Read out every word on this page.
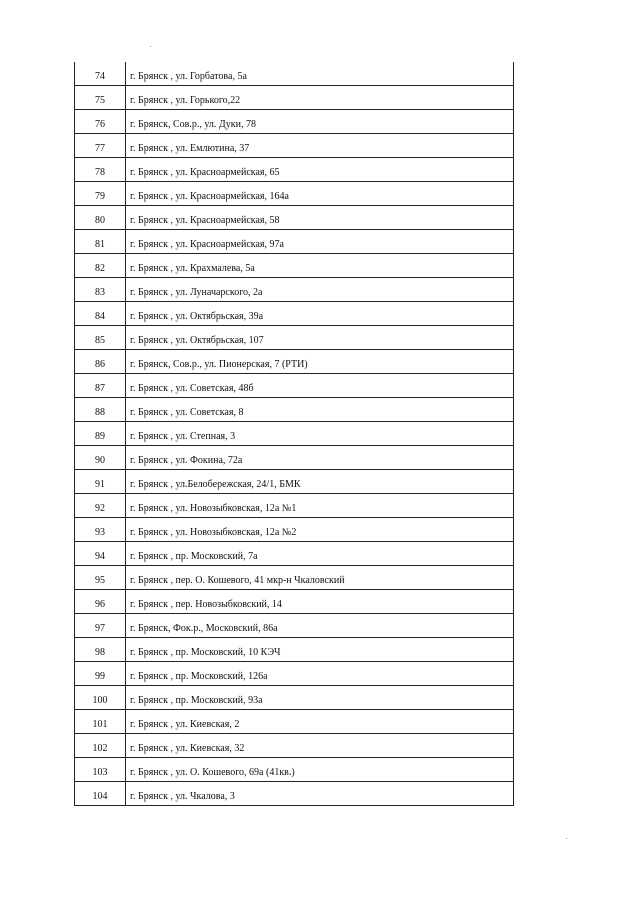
74	г. Брянск , ул. Горбатова, 5а
75	г. Брянск , ул. Горького,22
76	г. Брянск, Сов.р., ул. Дуки, 78
77	г. Брянск , ул. Емлютина, 37
78	г. Брянск , ул. Красноармейская, 65
79	г. Брянск , ул. Красноармейская, 164а
80	г. Брянск , ул. Красноармейская, 58
81	г. Брянск , ул. Красноармейская, 97а
82	г. Брянск , ул. Крахмалева, 5а
83	г. Брянск , ул. Луначарского, 2а
84	г. Брянск , ул. Октябрьская, 39а
85	г. Брянск , ул. Октябрьская, 107
86	г. Брянск, Сов.р., ул. Пионерская, 7 (РТИ)
87	г. Брянск , ул. Советская, 48б
88	г. Брянск , ул. Советская, 8
89	г. Брянск , ул. Степная, 3
90	г. Брянск , ул. Фокина, 72а
91	г. Брянск , ул.Белобережская, 24/1, БМК
92	г. Брянск , ул. Новозыбковская, 12а №1
93	г. Брянск , ул. Новозыбковская, 12а №2
94	г. Брянск , пр. Московский, 7а
95	г. Брянск , пер. О. Кошевого, 41 мкр-н Чкаловский
96	г. Брянск , пер. Новозыбковский, 14
97	г. Брянск, Фок.р., Московский, 86а
98	г. Брянск , пр. Московский, 10 КЭЧ
99	г. Брянск , пр. Московский, 126а
100	г. Брянск , пр. Московский, 93а
101	г. Брянск , ул. Киевская, 2
102	г. Брянск , ул. Киевская, 32
103	г. Брянск , ул. О. Кошевого, 69а (41кв.)
104	г. Брянск , ул. Чкалова, 3
